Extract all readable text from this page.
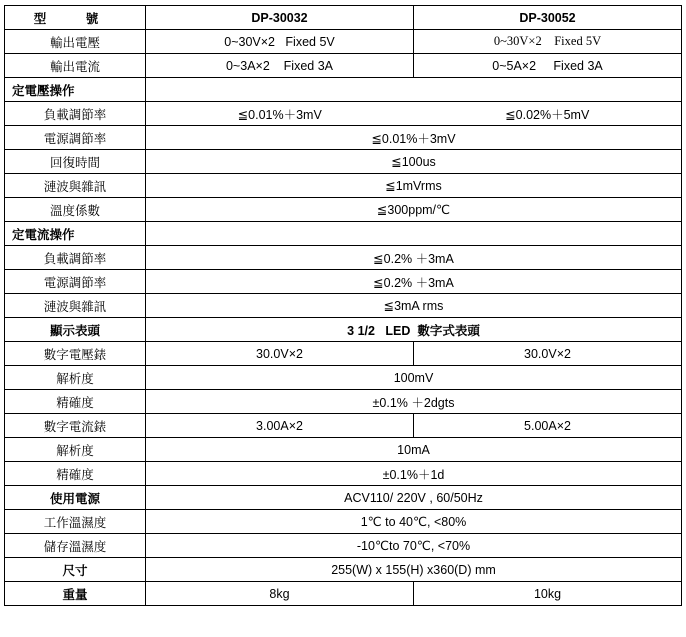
型 號	DP-30032	DP-30052
輸出電壓	0~30V×2   Fixed 5V	0~30V×2    Fixed 5V
輸出電流	0~3A×2    Fixed 3A	0~5A×2     Fixed 3A
定電壓操作		
負載調節率	≦0.01%＋3mV	≦0.02%＋5mV
電源調節率	≦0.01%＋3mV	
回復時間	≦100us	
漣波與雜訊	≦1mVrms	
溫度係數	≦300ppm/℃	
定電流操作		
負載調節率	≦0.2% ＋3mA	
電源調節率	≦0.2% ＋3mA	
漣波與雜訊	≦3mA rms	
顯示表頭	3 1/2   LED  數字式表頭	
數字電壓錶	30.0V×2	30.0V×2
解析度	100mV	
精確度	±0.1% ＋2dgts	
數字電流錶	3.00A×2	5.00A×2
解析度	10mA	
精確度	±0.1%＋1d	
使用電源	ACV110/ 220V , 60/50Hz	
工作溫濕度	1℃ to 40℃, <80%	
儲存溫濕度	-10℃to 70℃, <70%	
尺寸	255(W) x 155(H) x360(D) mm	
重量	8kg	10kg
